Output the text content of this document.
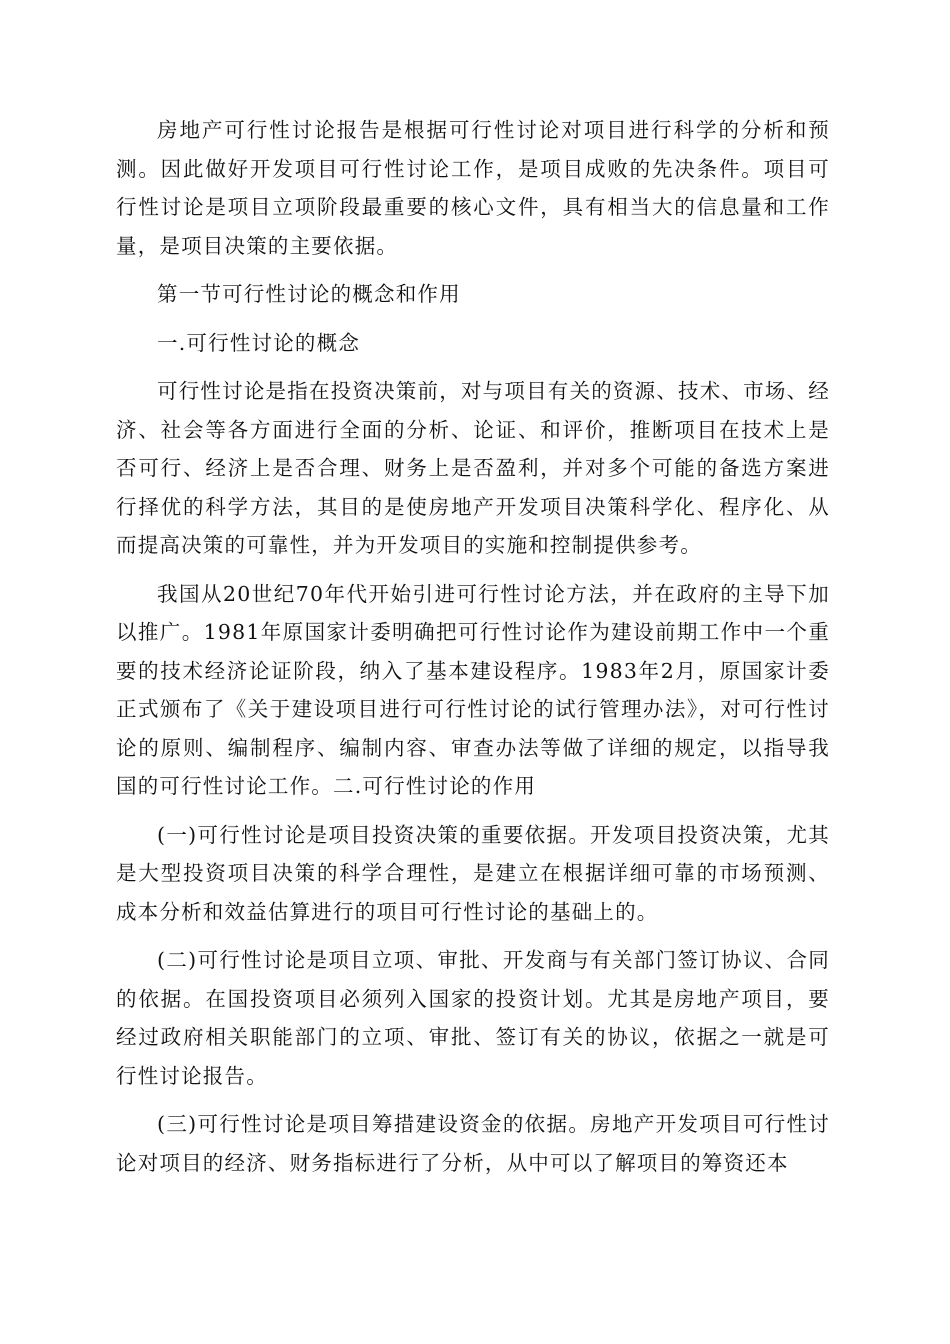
房地产可行性讨论报告是根据可行性讨论对项目进行科学的分析和预测。因此做好开发项目可行性讨论工作，是项目成败的先决条件。项目可行性讨论是项目立项阶段最重要的核心文件，具有相当大的信息量和工作量，是项目决策的主要依据。

第一节可行性讨论的概念和作用

一.可行性讨论的概念

可行性讨论是指在投资决策前，对与项目有关的资源、技术、市场、经济、社会等各方面进行全面的分析、论证、和评价，推断项目在技术上是否可行、经济上是否合理、财务上是否盈利，并对多个可能的备选方案进行择优的科学方法，其目的是使房地产开发项目决策科学化、程序化、从而提高决策的可靠性，并为开发项目的实施和控制提供参考。

我国从20世纪70年代开始引进可行性讨论方法，并在政府的主导下加以推广。1981年原国家计委明确把可行性讨论作为建设前期工作中一个重要的技术经济论证阶段，纳入了基本建设程序。1983年2月，原国家计委正式颁布了《关于建设项目进行可行性讨论的试行管理办法》，对可行性讨论的原则、编制程序、编制内容、审查办法等做了详细的规定，以指导我国的可行性讨论工作。二.可行性讨论的作用

(一)可行性讨论是项目投资决策的重要依据。开发项目投资决策，尤其是大型投资项目决策的科学合理性，是建立在根据详细可靠的市场预测、成本分析和效益估算进行的项目可行性讨论的基础上的。

(二)可行性讨论是项目立项、审批、开发商与有关部门签订协议、合同的依据。在国投资项目必须列入国家的投资计划。尤其是房地产项目，要经过政府相关职能部门的立项、审批、签订有关的协议，依据之一就是可行性讨论报告。

(三)可行性讨论是项目筹措建设资金的依据。房地产开发项目可行性讨论对项目的经济、财务指标进行了分析，从中可以了解项目的筹资还本
